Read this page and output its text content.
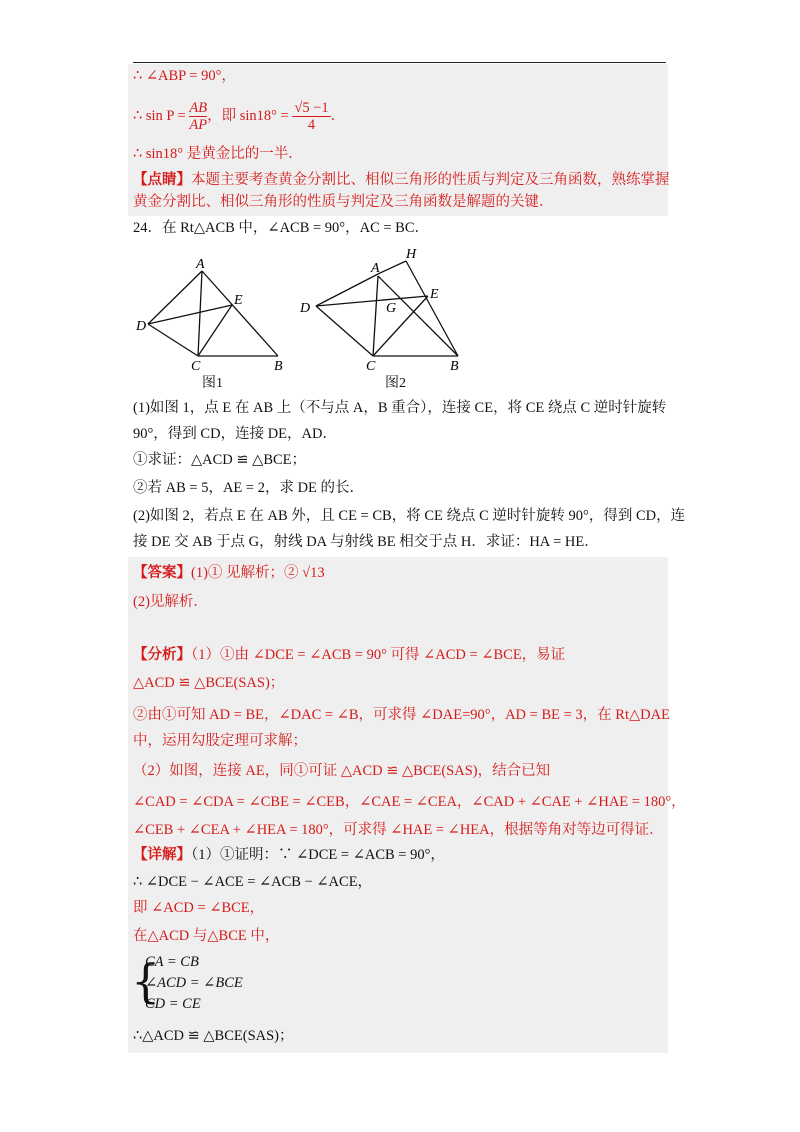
∴ ∠ABP = 90°，
∴ $\sin P = \frac{AB}{AP}$ ，即 $\sin 18^\circ = \frac{√5 -1}{4}$ ．
∴ sin18° 是黄金比的一半．
【点睛】本题主要考查黄金分割比、相似三角形的性质与判定及三角函数，熟练掌握
黄金分割比、相似三角形的性质与判定及三角函数是解题的关键．
24．在 Rt△ACB 中，∠ACB = 90°，AC = BC．
A
D
E
C	B
A
H
D	G
E
C	B
图1	图2
(1)如图 1，点 E 在 AB 上（不与点 A，B 重合），连接 CE，将 CE 绕点 C 逆时针旋转
90°，得到 CD，连接 DE，AD．
①求证：△ACD ≌ △BCE；
②若 AB = 5，AE = 2，求 DE 的长．
(2)如图 2，若点 E 在 AB 外，且 CE = CB，将 CE 绕点 C 逆时针旋转 90°，得到 CD，连
接 DE 交 AB 于点 G，射线 DA 与射线 BE 相交于点 H．求证：HA = HE．
【答案】(1)① 见解析；② √13
(2)见解析．
【分析】（1）①由 ∠DCE = ∠ACB = 90° 可得 ∠ACD = ∠BCE，易证
△ACD ≌ △BCE(SAS)；
②由①可知 AD = BE，∠DAC = ∠B，可求得 ∠DAE=90°，AD = BE = 3，在 Rt△DAE
中，运用勾股定理可求解；
（2）如图，连接 AE，同①可证 △ACD ≌ △BCE(SAS)，结合已知
∠CAD = ∠CDA = ∠CBE = ∠CEB，∠CAE = ∠CEA，∠CAD + ∠CAE + ∠HAE = 180°，
∠CEB + ∠CEA + ∠HEA = 180°，可求得 ∠HAE = ∠HEA，根据等角对等边可得证．
【详解】（1）①证明：∵ ∠DCE = ∠ACB = 90°，
∴ ∠DCE − ∠ACE = ∠ACB − ∠ACE，
即 ∠ACD = ∠BCE，
在△ACD 与△BCE 中，
{
CA = CB
∠ACD = ∠BCE
CD = CE
∴△ACD ≌ △BCE(SAS)；
